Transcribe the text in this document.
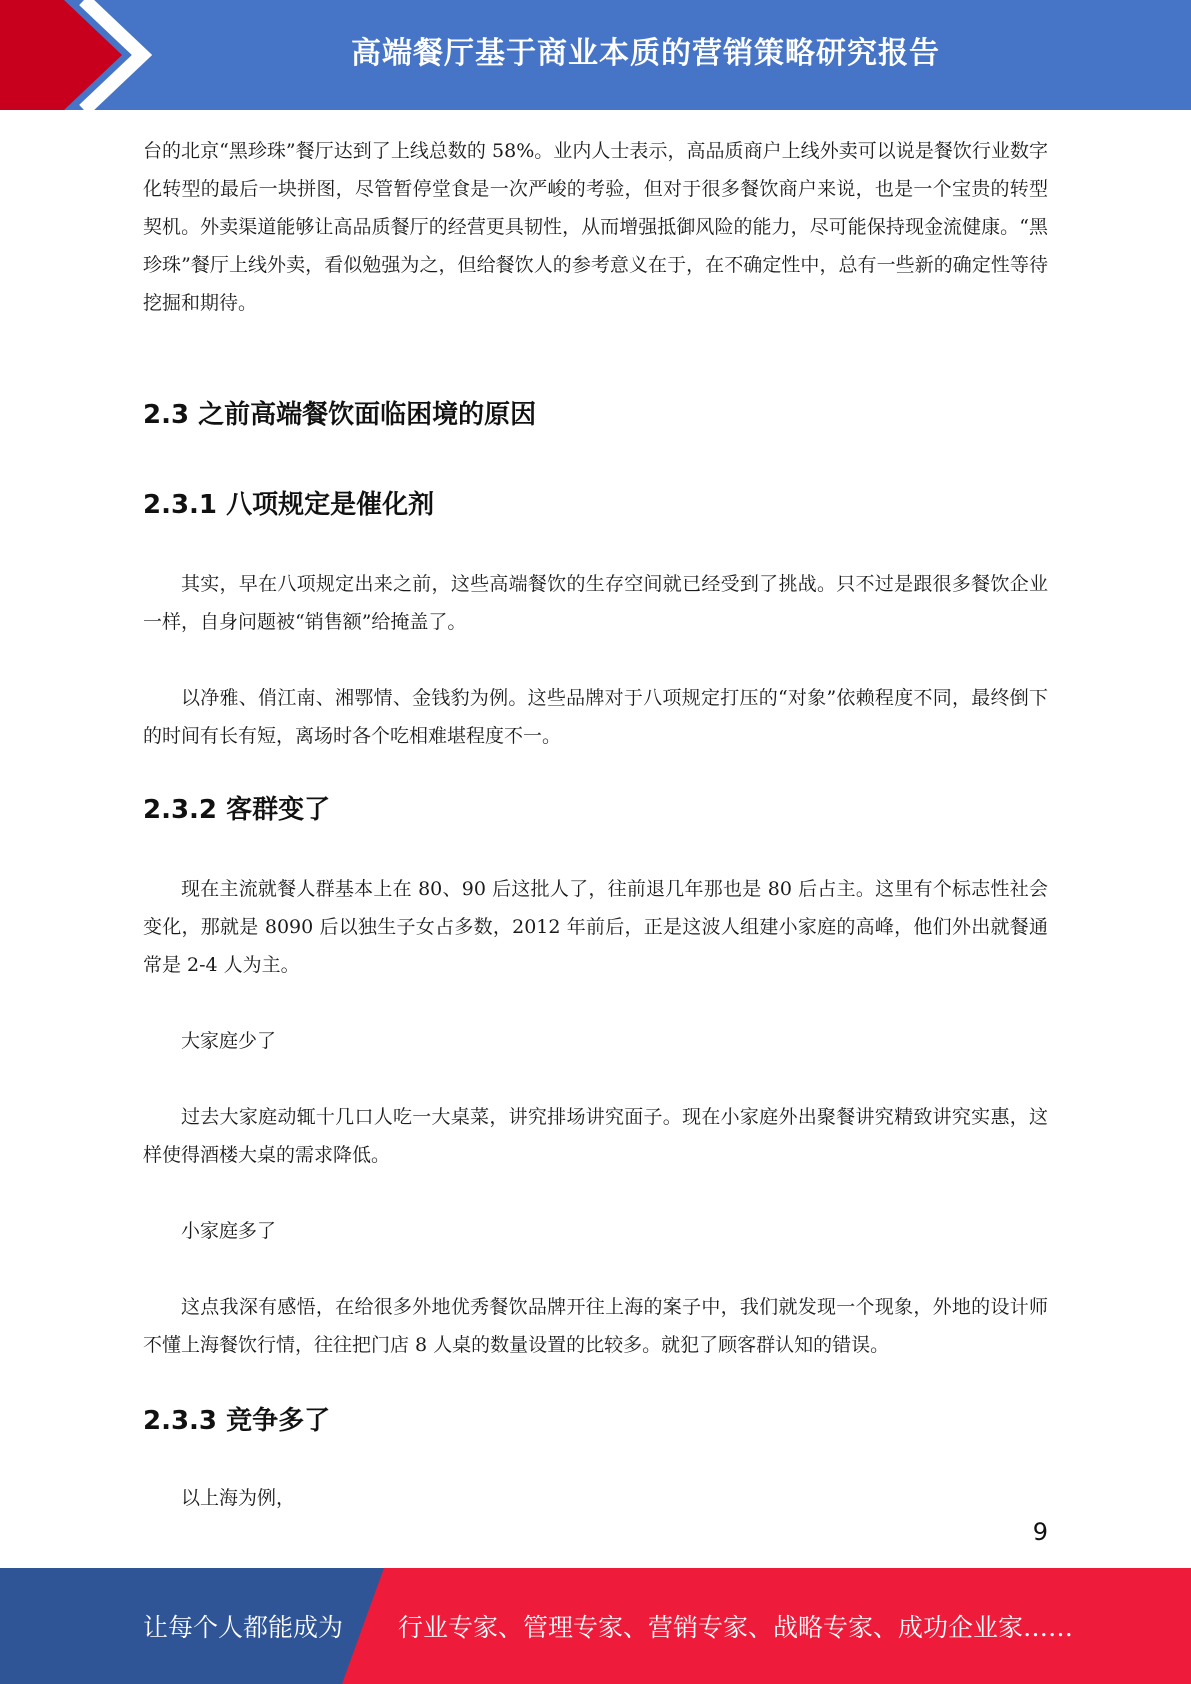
高端餐厅基于商业本质的营销策略研究报告

台的北京“黑珍珠”餐厅达到了上线总数的 58%。业内人士表示，高品质商户上线外卖可以说是餐饮行业数字化转型的最后一块拼图，尽管暂停堂食是一次严峻的考验，但对于很多餐饮商户来说，也是一个宝贵的转型契机。外卖渠道能够让高品质餐厅的经营更具韧性，从而增强抵御风险的能力，尽可能保持现金流健康。“黑珍珠”餐厅上线外卖，看似勉强为之，但给餐饮人的参考意义在于，在不确定性中，总有一些新的确定性等待挖掘和期待。

2.3 之前高端餐饮面临困境的原因
2.3.1 八项规定是催化剂

其实，早在八项规定出来之前，这些高端餐饮的生存空间就已经受到了挑战。只不过是跟很多餐饮企业一样，自身问题被“销售额”给掩盖了。

以净雅、俏江南、湘鄂情、金钱豹为例。这些品牌对于八项规定打压的“对象”依赖程度不同，最终倒下的时间有长有短，离场时各个吃相难堪程度不一。

2.3.2 客群变了

现在主流就餐人群基本上在 80、90 后这批人了，往前退几年那也是 80 后占主。这里有个标志性社会变化，那就是 8090 后以独生子女占多数，2012 年前后，正是这波人组建小家庭的高峰，他们外出就餐通常是 2-4 人为主。

大家庭少了

过去大家庭动辄十几口人吃一大桌菜，讲究排场讲究面子。现在小家庭外出聚餐讲究精致讲究实惠，这样使得酒楼大桌的需求降低。

小家庭多了

这点我深有感悟，在给很多外地优秀餐饮品牌开往上海的案子中，我们就发现一个现象，外地的设计师不懂上海餐饮行情，往往把门店 8 人桌的数量设置的比较多。就犯了顾客群认知的错误。

2.3.3 竞争多了

以上海为例，

9
让每个人都能成为 行业专家、管理专家、营销专家、战略专家、成功企业家……
